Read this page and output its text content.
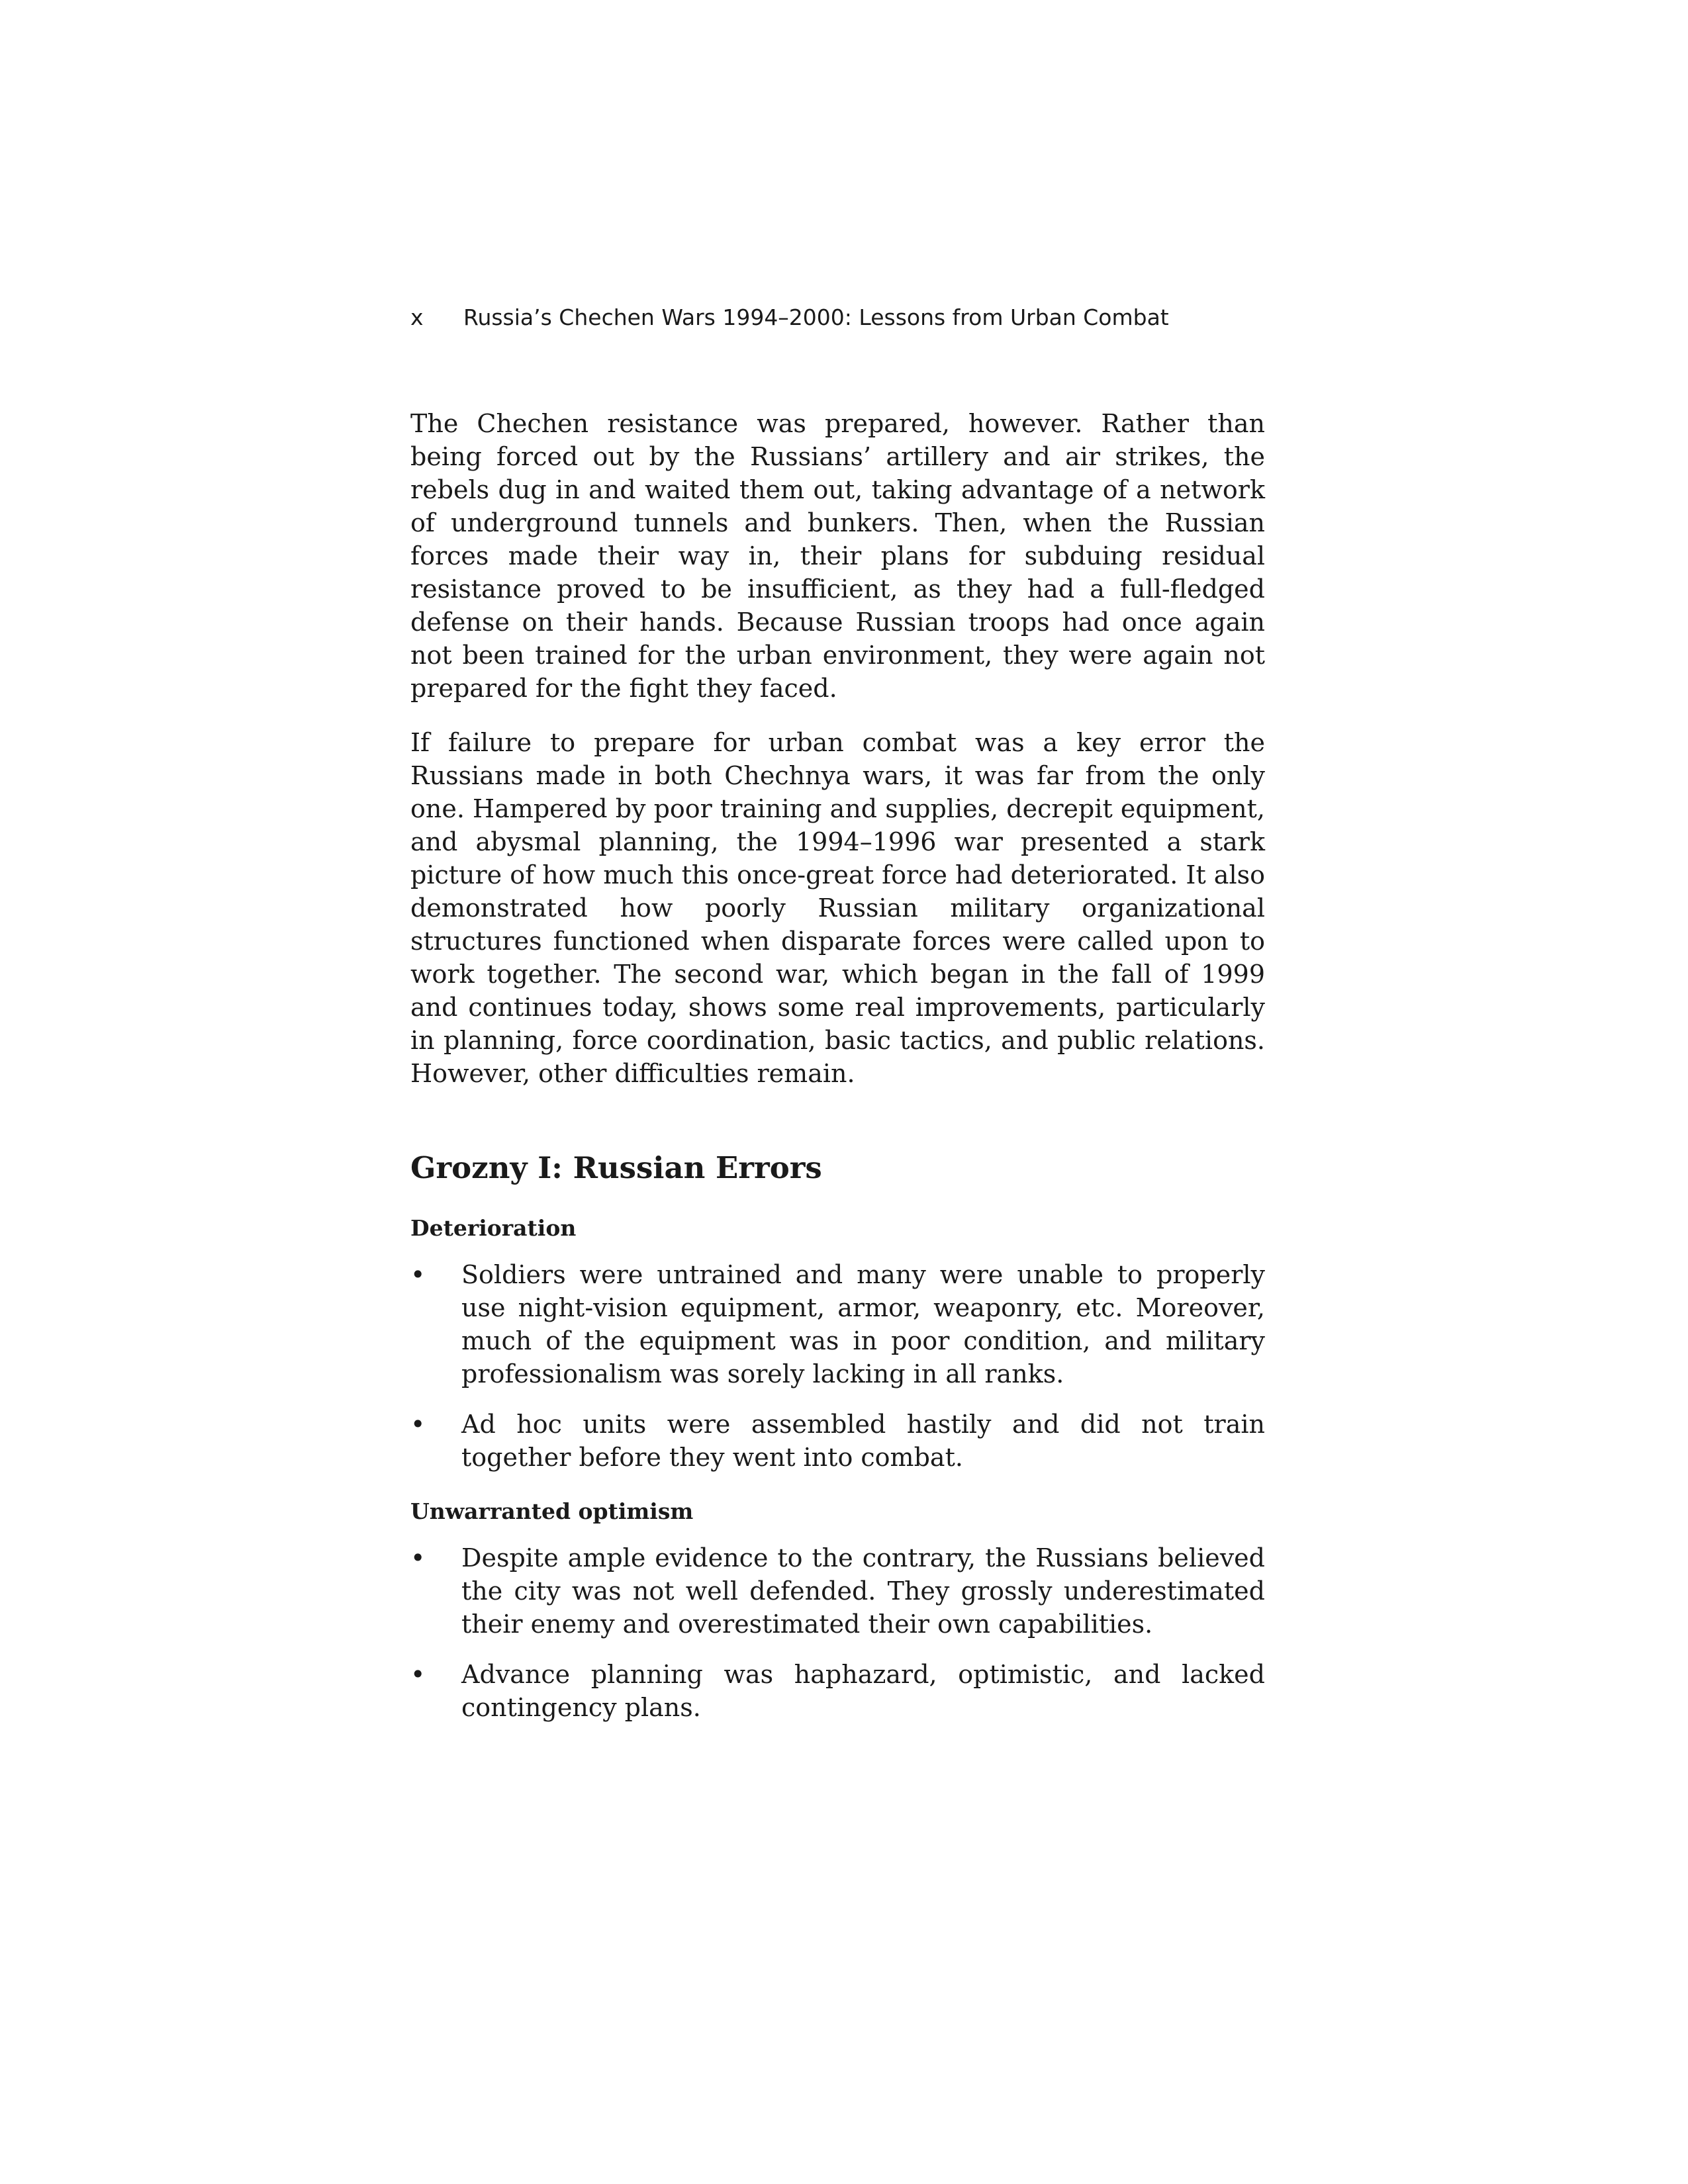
x Russia’s Chechen Wars 1994–2000: Lessons from Urban Combat

The Chechen resistance was prepared, however. Rather than being forced out by the Russians’ artillery and air strikes, the rebels dug in and waited them out, taking advantage of a network of underground tunnels and bunkers. Then, when the Russian forces made their way in, their plans for subduing residual resistance proved to be insufficient, as they had a full-fledged defense on their hands. Because Russian troops had once again not been trained for the urban environment, they were again not prepared for the fight they faced.

If failure to prepare for urban combat was a key error the Russians made in both Chechnya wars, it was far from the only one. Hampered by poor training and supplies, decrepit equipment, and abysmal planning, the 1994–1996 war presented a stark picture of how much this once-great force had deteriorated. It also demonstrated how poorly Russian military organizational structures functioned when disparate forces were called upon to work together. The second war, which began in the fall of 1999 and continues today, shows some real improvements, particularly in planning, force coordination, basic tactics, and public relations. However, other difficulties remain.

Grozny I: Russian Errors
Deterioration
•	Soldiers were untrained and many were unable to properly use night-vision equipment, armor, weaponry, etc. Moreover, much of the equipment was in poor condition, and military professionalism was sorely lacking in all ranks.
•	Ad hoc units were assembled hastily and did not train together before they went into combat.
Unwarranted optimism
•	Despite ample evidence to the contrary, the Russians believed the city was not well defended. They grossly underestimated their enemy and overestimated their own capabilities.
•	Advance planning was haphazard, optimistic, and lacked contingency plans.
